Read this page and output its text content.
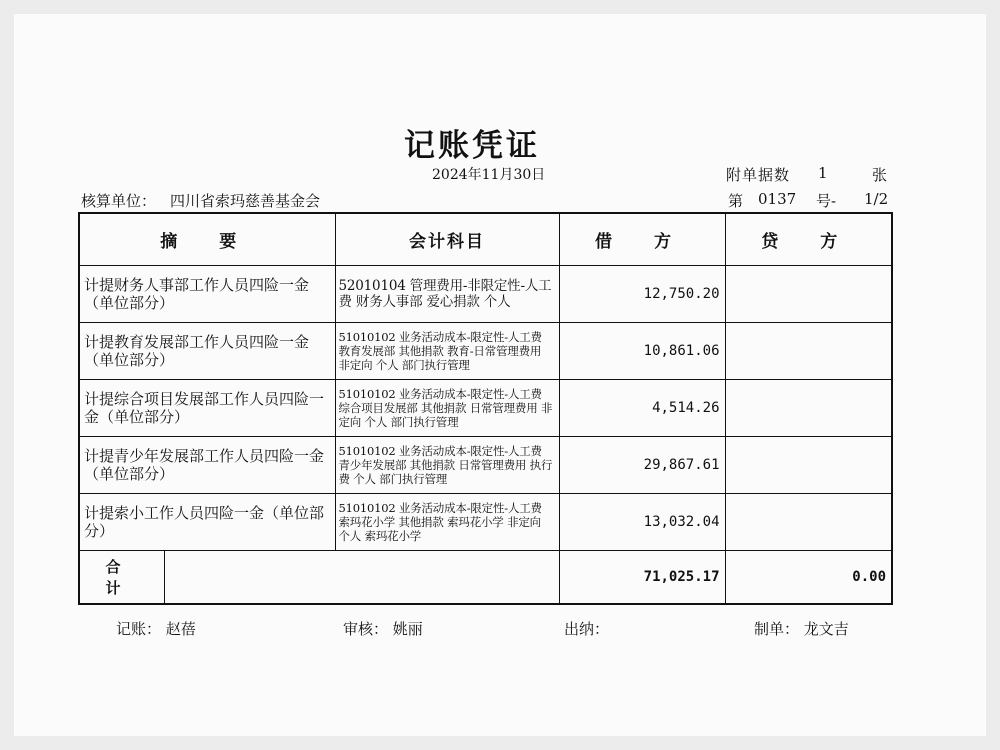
记账凭证
2024年11月30日	附单据数 1	张
核算单位： 四川省索玛慈善基金会	第 0137 号- 1/2
摘 要	会计科目	借 方	贷 方
计提财务人事部工作人员四险一金（单位部分）	52010104 管理费用-非限定性-人工费 财务人事部 爱心捐款 个人	12,750.20	
计提教育发展部工作人员四险一金（单位部分）	51010102 业务活动成本-限定性-人工费 教育发展部 其他捐款 教育-日常管理费用 非定向 个人 部门执行管理	10,861.06	
计提综合项目发展部工作人员四险一金（单位部分）	51010102 业务活动成本-限定性-人工费 综合项目发展部 其他捐款 日常管理费用 非定向 个人 部门执行管理	4,514.26	
计提青少年发展部工作人员四险一金（单位部分）	51010102 业务活动成本-限定性-人工费 青少年发展部 其他捐款 日常管理费用 执行费 个人 部门执行管理	29,867.61	
计提索小工作人员四险一金（单位部分）	51010102 业务活动成本-限定性-人工费 索玛花小学 其他捐款 索玛花小学 非定向 个人 索玛花小学	13,032.04	

合 计		71,025.17	0.00
记账： 赵蓓	审核： 姚丽	出纳：	制单： 龙文吉
